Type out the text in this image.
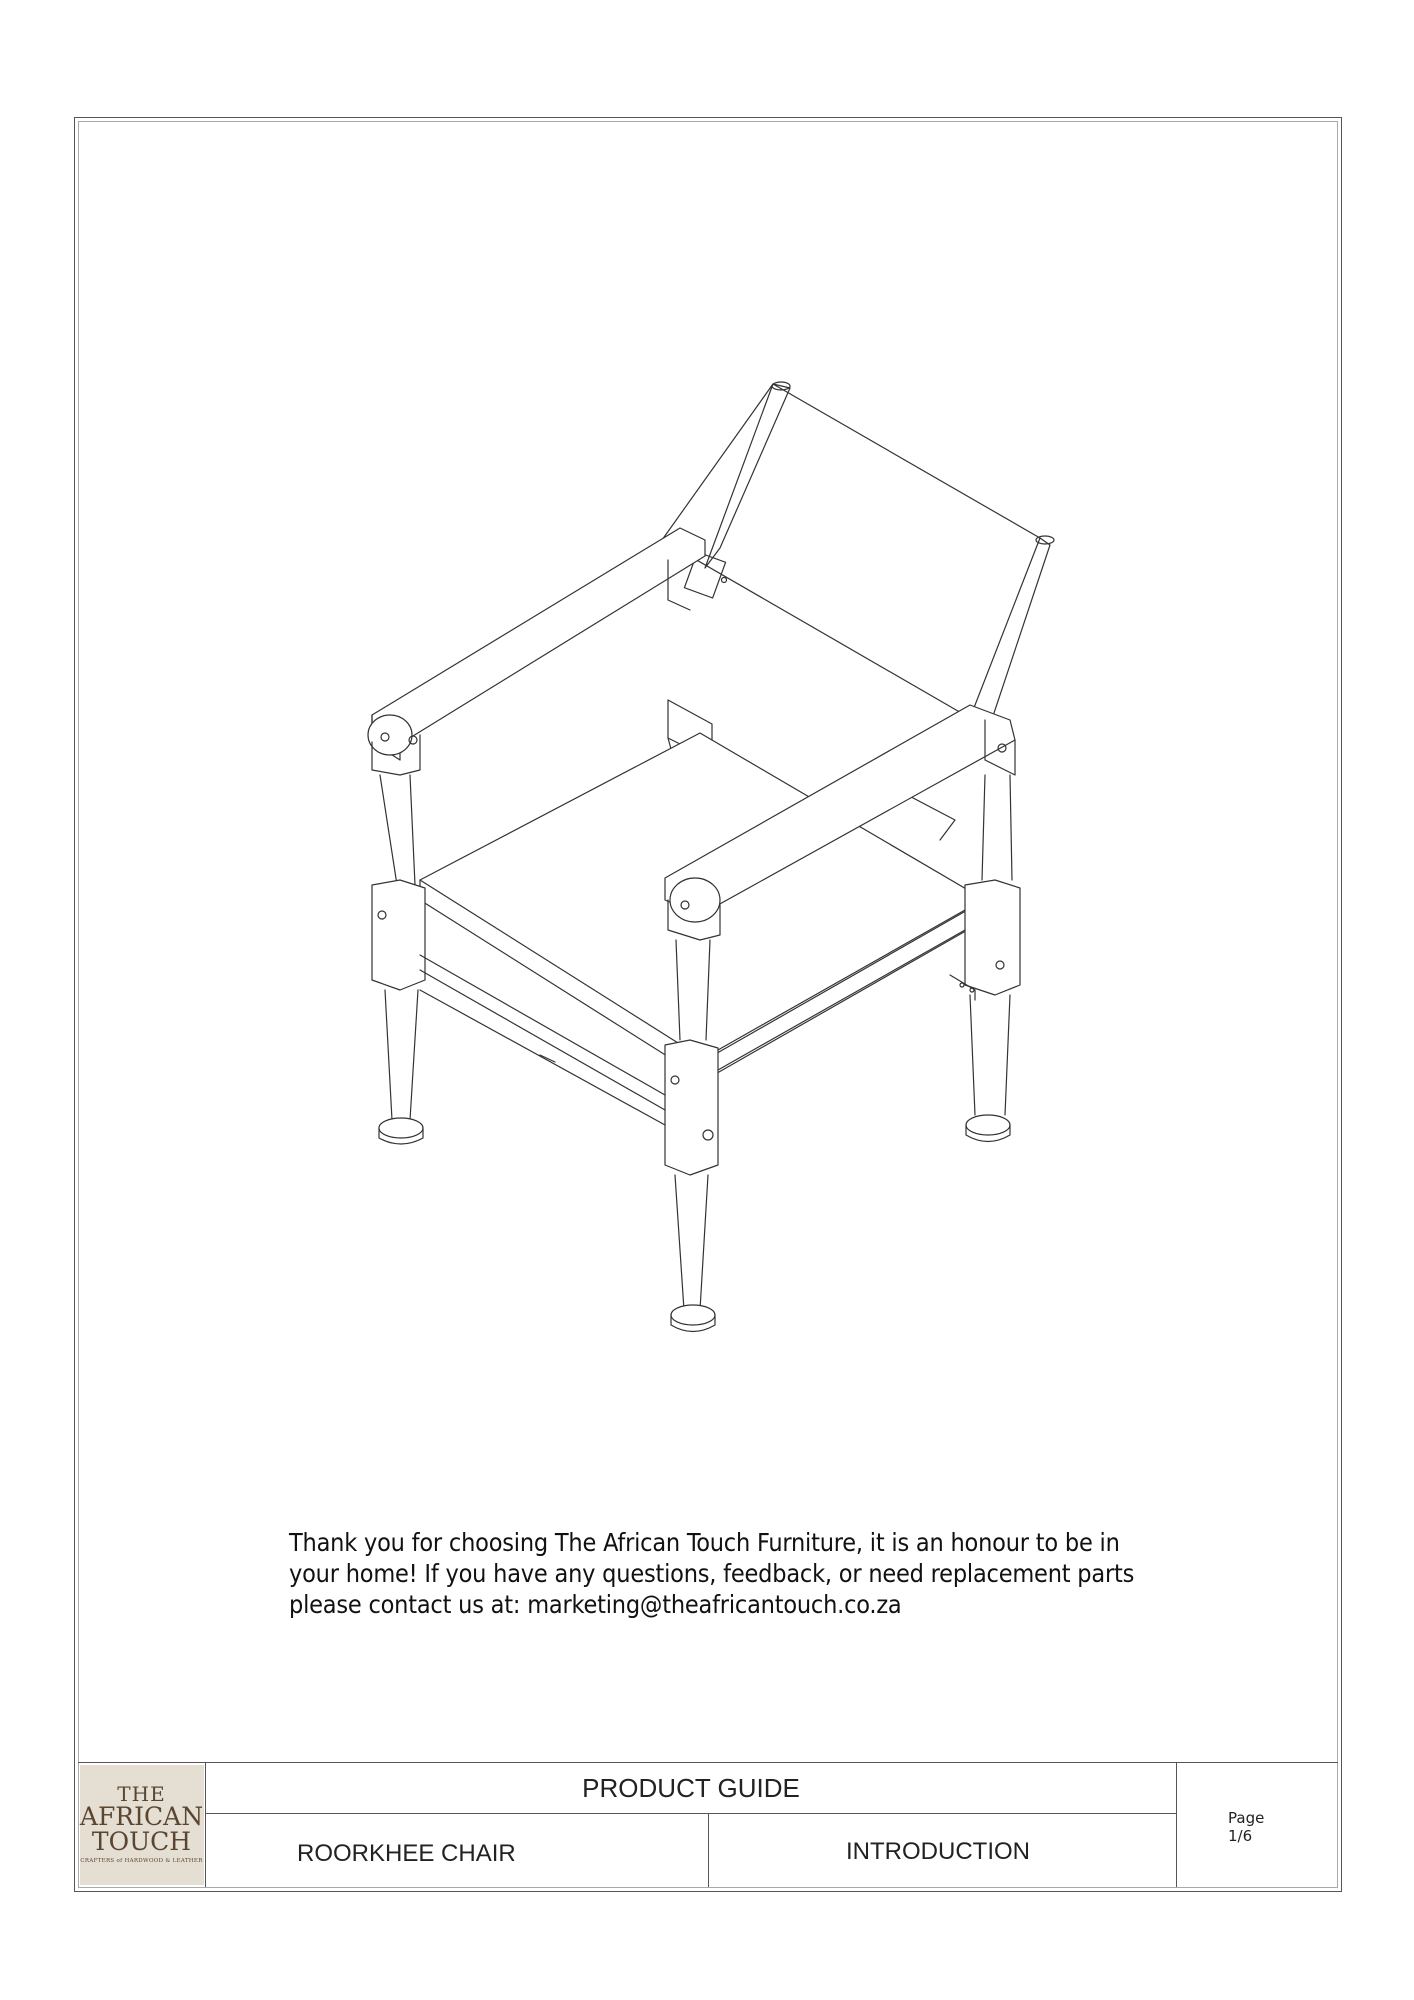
Thank you for choosing The African Touch Furniture, it is an honour to be in your home! If you have any questions, feedback, or need replacement parts please contact us at: marketing@theafricantouch.co.za
THE
AFRICAN
TOUCH
CRAFTERS of HARDWOOD & LEATHER
PRODUCT GUIDE
ROORKHEE CHAIR	INTRODUCTION
Page
1/6
